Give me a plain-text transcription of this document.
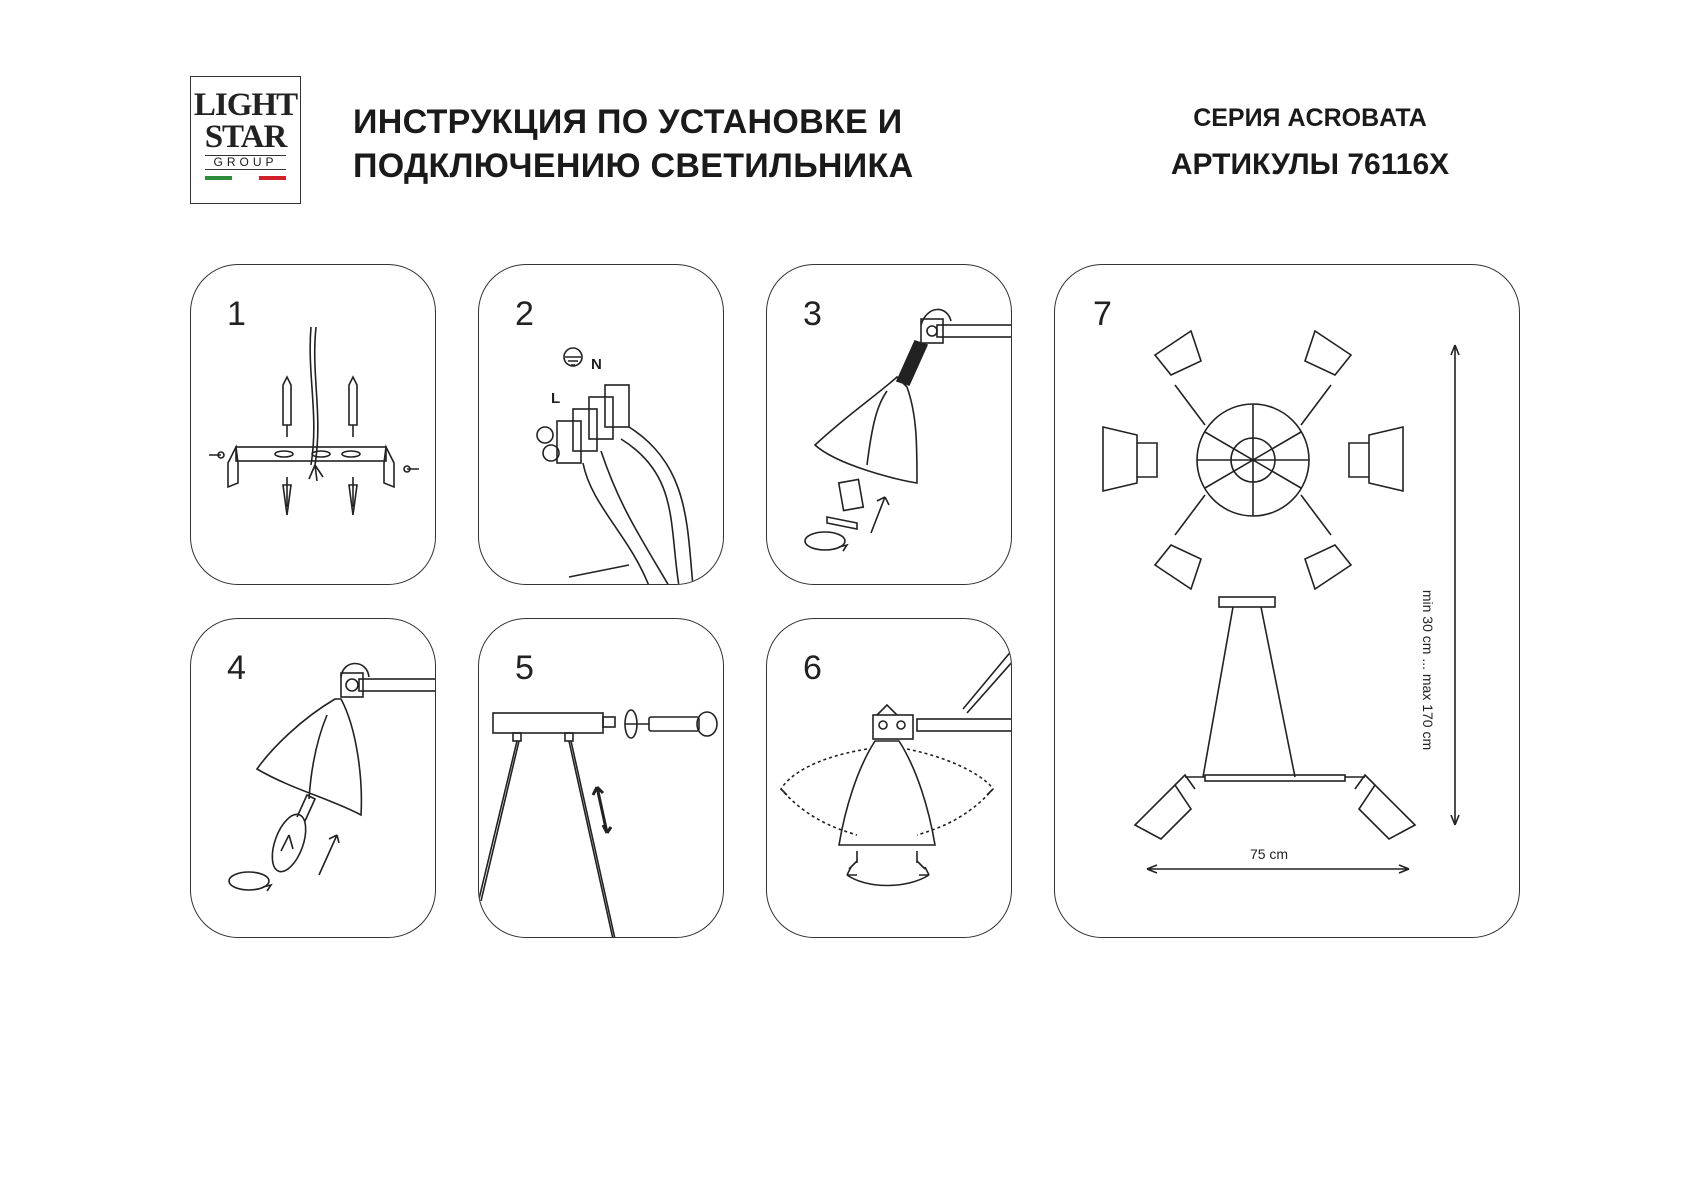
LIGHT
STAR
GROUP
ИНСТРУКЦИЯ ПО УСТАНОВКЕ И
ПОДКЛЮЧЕНИЮ СВЕТИЛЬНИКА
СЕРИЯ ACROBATA
АРТИКУЛЫ 76116X
1	2
N
L
3
4	5	6
7
75 cm
min 30 cm ... max 170 cm
